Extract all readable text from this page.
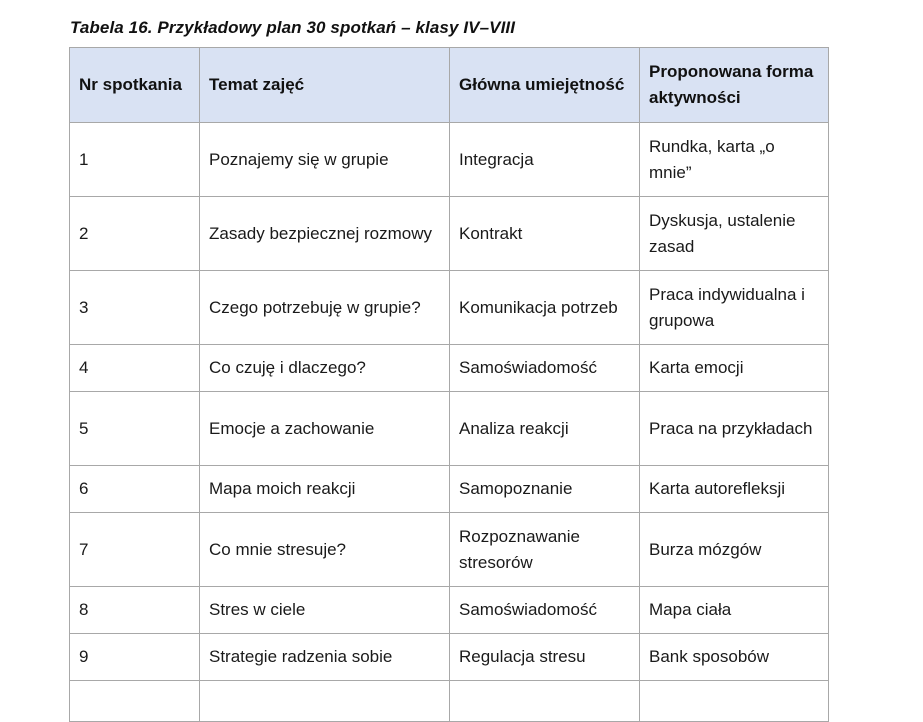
Tabela 16. Przykładowy plan 30 spotkań – klasy IV–VIII
Nr spotkania	Temat zajęć	Główna umiejętność	Proponowana forma aktywności
1	Poznajemy się w grupie	Integracja	Rundka, karta „o mnie”
2	Zasady bezpiecznej rozmowy	Kontrakt	Dyskusja, ustalenie zasad
3	Czego potrzebuję w grupie?	Komunikacja potrzeb	Praca indywidualna i grupowa
4	Co czuję i dlaczego?	Samoświadomość	Karta emocji
5	Emocje a zachowanie	Analiza reakcji	Praca na przykładach
6	Mapa moich reakcji	Samopoznanie	Karta autorefleksji
7	Co mnie stresuje?	Rozpoznawanie stresorów	Burza mózgów
8	Stres w ciele	Samoświadomość	Mapa ciała
9	Strategie radzenia sobie	Regulacja stresu	Bank sposobów
